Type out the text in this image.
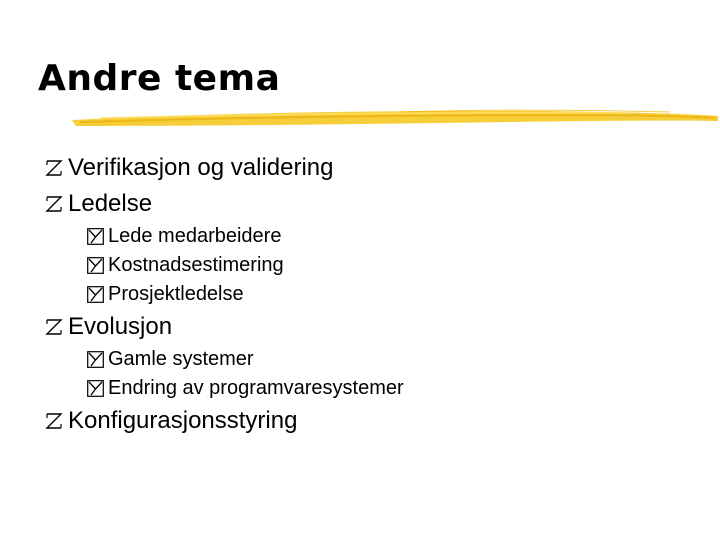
Andre tema
Verifikasjon og validering
Ledelse
Lede medarbeidere
Kostnadsestimering
Prosjektledelse
Evolusjon
Gamle systemer
Endring av programvaresystemer
Konfigurasjonsstyring
